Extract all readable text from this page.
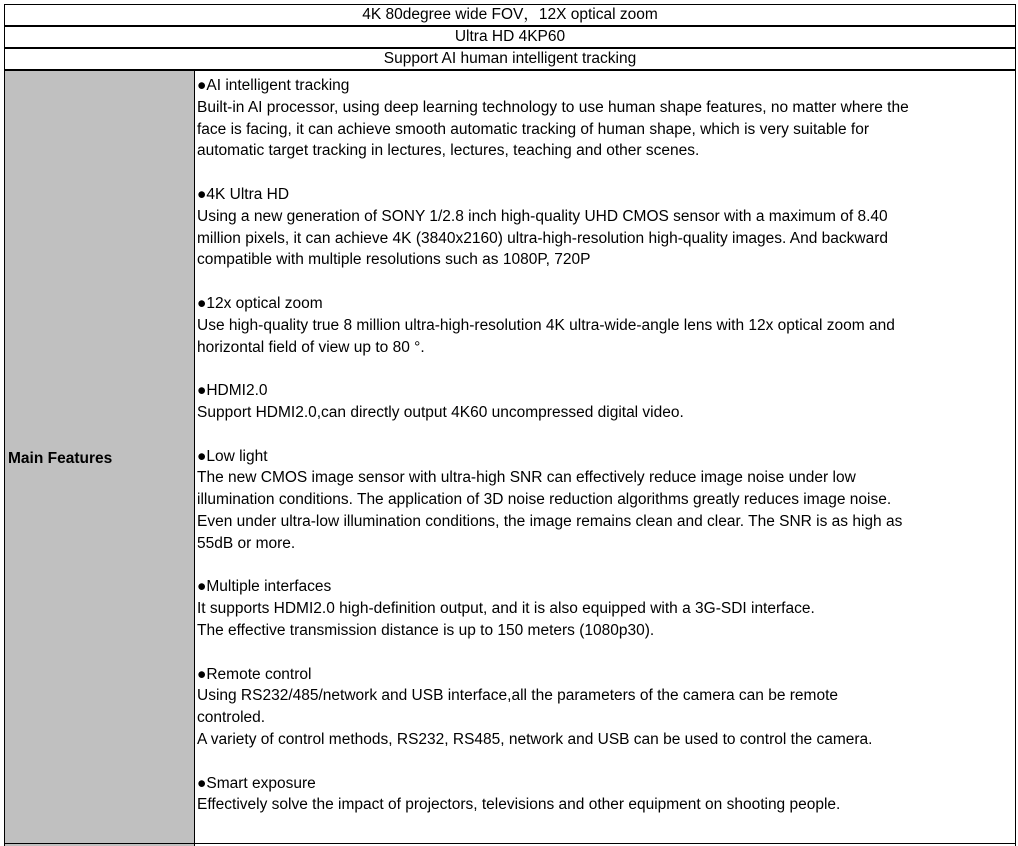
4K 80degree wide FOV，12X optical zoom
Ultra HD 4KP60
Support AI human intelligent tracking
Main Features

●AI intelligent tracking

Built-in AI processor, using deep learning technology to use human shape features, no matter where the

face is facing, it can achieve smooth automatic tracking of human shape, which is very suitable for

automatic target tracking in lectures, lectures, teaching and other scenes.

●4K Ultra HD

Using a new generation of SONY 1/2.8 inch high-quality UHD CMOS sensor with a maximum of 8.40

million pixels, it can achieve 4K (3840x2160) ultra-high-resolution high-quality images. And backward

compatible with multiple resolutions such as 1080P, 720P

●12x optical zoom

Use high-quality true 8 million ultra-high-resolution 4K ultra-wide-angle lens with 12x optical zoom and

horizontal field of view up to 80 °.

●HDMI2.0

Support HDMI2.0,can directly output 4K60 uncompressed digital video.

●Low light

The new CMOS image sensor with ultra-high SNR can effectively reduce image noise under low

illumination conditions. The application of 3D noise reduction algorithms greatly reduces image noise.

Even under ultra-low illumination conditions, the image remains clean and clear. The SNR is as high as

55dB or more.

●Multiple interfaces

It supports HDMI2.0 high-definition output, and it is also equipped with a 3G-SDI interface.

The effective transmission distance is up to 150 meters (1080p30).

●Remote control

Using RS232/485/network and USB interface,all the parameters of the camera can be remote

controled.

A variety of control methods, RS232, RS485, network and USB can be used to control the camera.

●Smart exposure

Effectively solve the impact of projectors, televisions and other equipment on shooting people.
